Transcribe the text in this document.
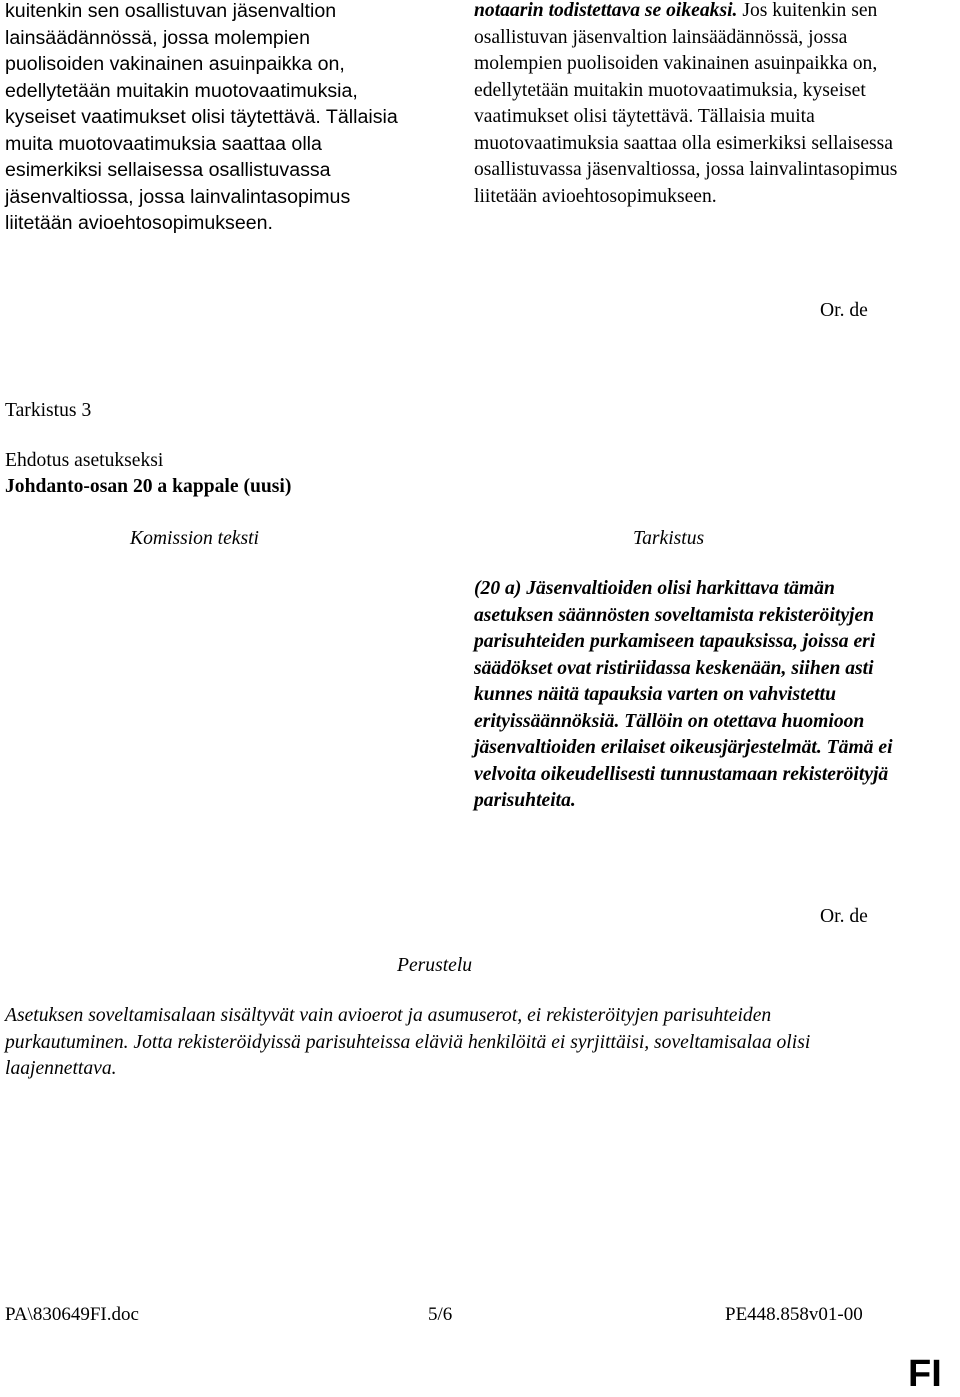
kuitenkin sen osallistuvan jäsenvaltion lainsäädännössä, jossa molempien puolisoiden vakinainen asuinpaikka on, edellytetään muitakin muotovaatimuksia, kyseiset vaatimukset olisi täytettävä. Tällaisia muita muotovaatimuksia saattaa olla esimerkiksi sellaisessa osallistuvassa jäsenvaltiossa, jossa lainvalintasopimus liitetään avioehtosopimukseen.
notaarin todistettava se oikeaksi. Jos kuitenkin sen osallistuvan jäsenvaltion lainsäädännössä, jossa molempien puolisoiden vakinainen asuinpaikka on, edellytetään muitakin muotovaatimuksia, kyseiset vaatimukset olisi täytettävä. Tällaisia muita muotovaatimuksia saattaa olla esimerkiksi sellaisessa osallistuvassa jäsenvaltiossa, jossa lainvalintasopimus liitetään avioehtosopimukseen.
Or. de
Tarkistus 3
Ehdotus asetukseksi
Johdanto-osan 20 a kappale (uusi)
Komission teksti	Tarkistus
(20 a) Jäsenvaltioiden olisi harkittava tämän asetuksen säännösten soveltamista rekisteröityjen parisuhteiden purkamiseen tapauksissa, joissa eri säädökset ovat ristiriidassa keskenään, siihen asti kunnes näitä tapauksia varten on vahvistettu erityissäännöksiä. Tällöin on otettava huomioon jäsenvaltioiden erilaiset oikeusjärjestelmät. Tämä ei velvoita oikeudellisesti tunnustamaan rekisteröityjä parisuhteita.
Or. de
Perustelu
Asetuksen soveltamisalaan sisältyvät vain avioerot ja asumuserot, ei rekisteröityjen parisuhteiden purkautuminen. Jotta rekisteröidyissä parisuhteissa eläviä henkilöitä ei syrjittäisi, soveltamisalaa olisi laajennettava.
PA\830649FI.doc	5/6	PE448.858v01-00
FI
